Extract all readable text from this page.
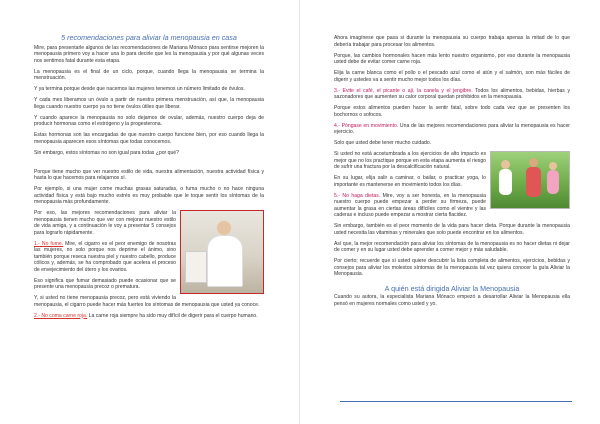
5 recomendaciones para aliviar la menopausia en casa

Mire, para presentarle algunos de las recomendaciones de Mariana Mónaco para sentirse mejoren la menopausia primero voy a hacer una lo para decirle que les la menopausia y por qué algunas veces nos sentimos fatal durante esta etapa.

La menopausia es el final de un ciclo, porque, cuando llega la menopausia se termina la menstruación.

Y ya termina porque desde que nacemos las mujeres tenemos un número limitado de óvulos.

Y cada mes liberamos un óvulo a partir de nuestra primera menstruación, así que, la menopausia llega cuando nuestro cuerpo ya no tiene óvulos útiles que liberar.

Y cuando aparece la menopausia no solo dejamos de ovular, además, nuestro cuerpo deja de producir hormonas como el estrógeno y la progesterona.

Estas hormonas son las encargadas de que nuestro cuerpo funcione bien, por eso cuando llega la menopausia aparecen esos síntomas que todas conocemos.

Sin embargo, estos síntomas no son igual para todas ¿por qué?

Porque tiene mucho que ver nuestro estilo de vida, nuestra alimentación, nuestra actividad física y hasta lo que hacemos para relajarnos sí.

Por ejemplo, si una mujer come muchas grasas saturadas, o fuma mucho o no hace ninguna actividad física y está bajo mucho estrés es muy probable que le toque sentir los síntomas de la menopausia más profundamente.

Por eso, las mejores recomendaciones para aliviar la menopausia tienen mucho que ver con mejorar nuestro estilo de vida amiga, y a continuación le voy a presentar 5 consejos para lograrlo rápidamente.

1.- No fume. Mire, el cigarro es el peor enemigo de nosotras las mujeres, no solo porque nos deprime el ánimo, sino también porque reseca nuestra piel y nuestro cabello, produce cólicos y, además, se ha comprobado que acelera el proceso de envejecimiento del útero y los ovarios.

Eso significa que fumar demasiado puede ocasionar que se presente una menopausia precoz o prematura.

Y, si usted no tiene menopausia precoz, pero está viviendo la menopausia, el cigarro puede hacer más fuertes los síntomas de menopausia que usted ya conoce.

2.- No coma carne roja. La carne roja siempre ha sido muy difícil de digerir para el cuerpo humano.

Ahora imagínese que pasa si durante la menopausia su cuerpo trabaja apenas la mitad de lo que debería trabajar para procesar los alimentos.

Porque, las cambios hormonales hacen más lento nuestro organismo, por eso durante la menopausia usted debe de evitar comer carne roja.

Elija la carne blanca como el pollo o el pescado azul como el atún y el salmón, son más fáciles de digerir y ustedes va a sentir mucho mejor todos los días.

3.- Evite el café, el picante o ají, la canela y el jengibre. Todos los alimentos, bebidas, hierbas y sazonadores que aumenten su calor corporal quedan prohibidos en la menopausia.

Porque estos alimentos pueden hacer la sentir fatal, sobre todo cada vez que se presenten los bochornos o sofocos.

4.- Póngase en movimiento. Una de las mejores recomendaciones para aliviar la menopausia es hacer ejercicio.

Solo que usted debe tener mucho cuidado.

Si usted no está acostumbrada a los ejercicios de alto impacto es mejor que no los practique porque en esta etapa aumenta el riesgo de sufrir una fractura por la descalcificación natural.

En su lugar, elija salir a caminar, o bailar, o practicar yoga, lo importante es mantenerse en movimiento todos los días.

5.- No haga dietas. Mire, voy a ser honesta, en la menopausia nuestro cuerpo puede empezar a perder su firmeza, puede aumentar la grasa en ciertas áreas difíciles como el vientre y las caderas e incluso puede empezar a mostrar cierta flacidez.

Sin embargo, también es el peor momento de la vida para hacer dieta. Porque durante la menopausia usted necesita las vitaminas y minerales que solo puede encontrar en los alimentos.

Así que, la mejor recomendación para aliviar los síntomas de la menopausia es no hacer dietas ni dejar de comer y en su lugar usted debe aprender a comer mejor y más saludable.

Por cierto; recuerde que si usted quiere descubrir la lista completa de alimentos, ejercicios, bebidas y consejos para aliviar los molestos síntomas de la menopausia tal vez quiera conocer la guía Aliviar la Menopausia.

A quién está dirigida Aliviar la Menopausia

Cuando su autora, la especialista Mariana Mónaco empezó a desarrollar Aliviar la Menopausia ella pensó en mujeres normales como usted y yo.
